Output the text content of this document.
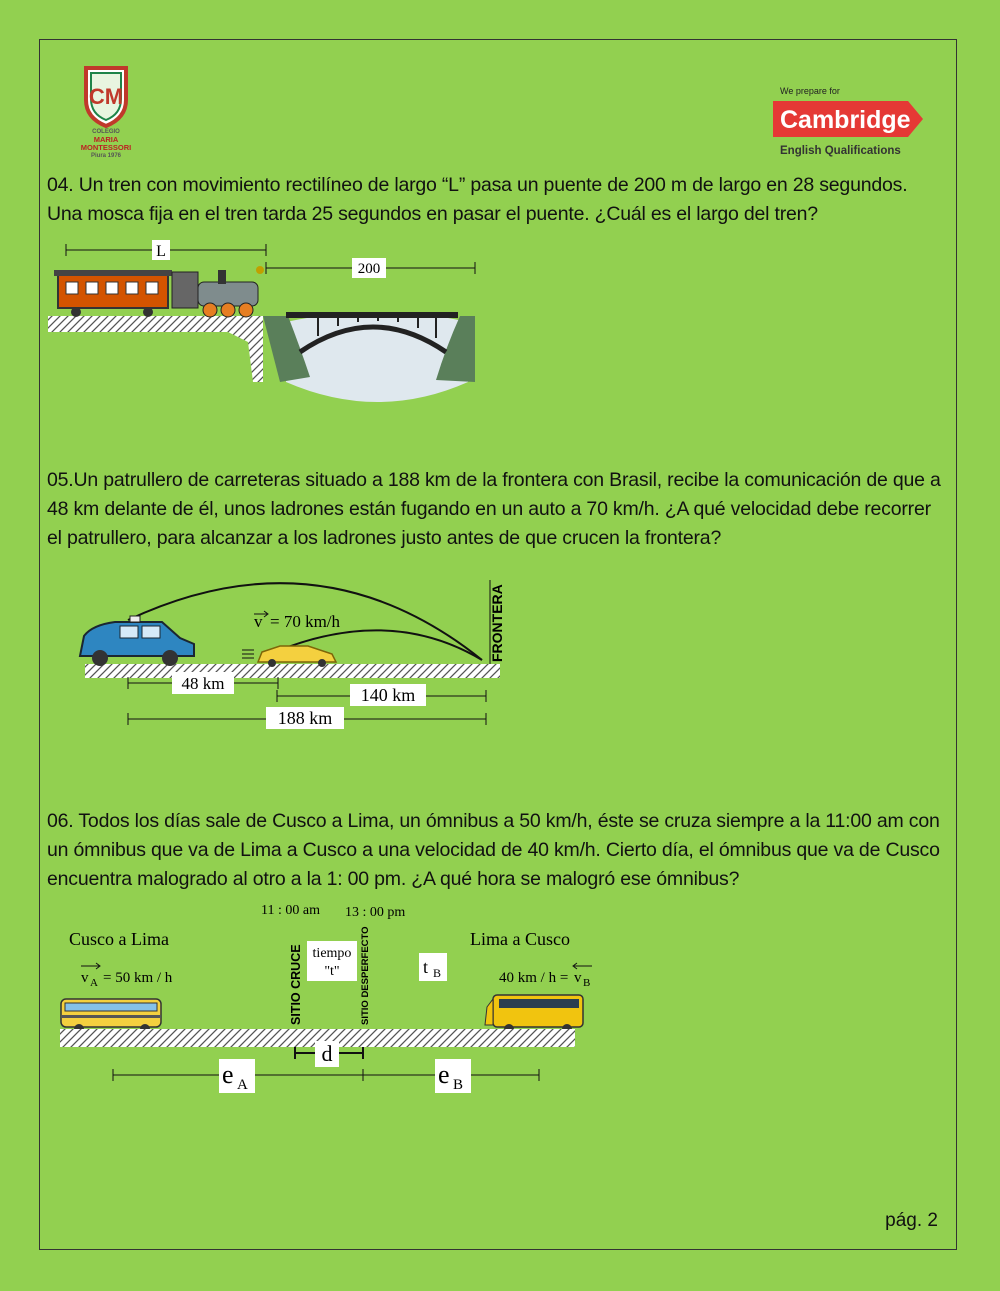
CM
COLEGIO
MARIA
MONTESSORI
Piura 1976
We prepare for
Cambridge
English Qualifications
04. Un tren con movimiento rectilíneo de largo “L” pasa un puente de 200 m de largo en 28 segundos. Una mosca fija en el tren tarda 25 segundos en pasar el puente. ¿Cuál es el largo del tren?
L
200
05.Un patrullero de carreteras situado a 188 km de la frontera con Brasil, recibe la comunicación de que a 48 km delante de él, unos ladrones están fugando en un auto a 70 km/h. ¿A qué velocidad debe recorrer el patrullero, para alcanzar a los ladrones justo antes de que crucen la frontera?
v = 70 km/h	FRONTERA
48 km
140 km
188 km
06. Todos los días sale de Cusco a Lima, un ómnibus a 50 km/h, éste se cruza siempre a la 11:00 am con un ómnibus que va de Lima a Cusco a una velocidad de 40 km/h. Cierto día, el ómnibus que va de Cusco encuentra malogrado al otro a la 1: 00 pm. ¿A qué hora se malogró ese ómnibus?
11 : 00 am 13 : 00 pm
Cusco a Lima	Lima a Cusco
v A = 50 km / h	40 km / h = v B
SITIO CRUCE	SITIO DESPERFECTO
tiempo
"t"	t B
d
e A	e B
pág. 2
